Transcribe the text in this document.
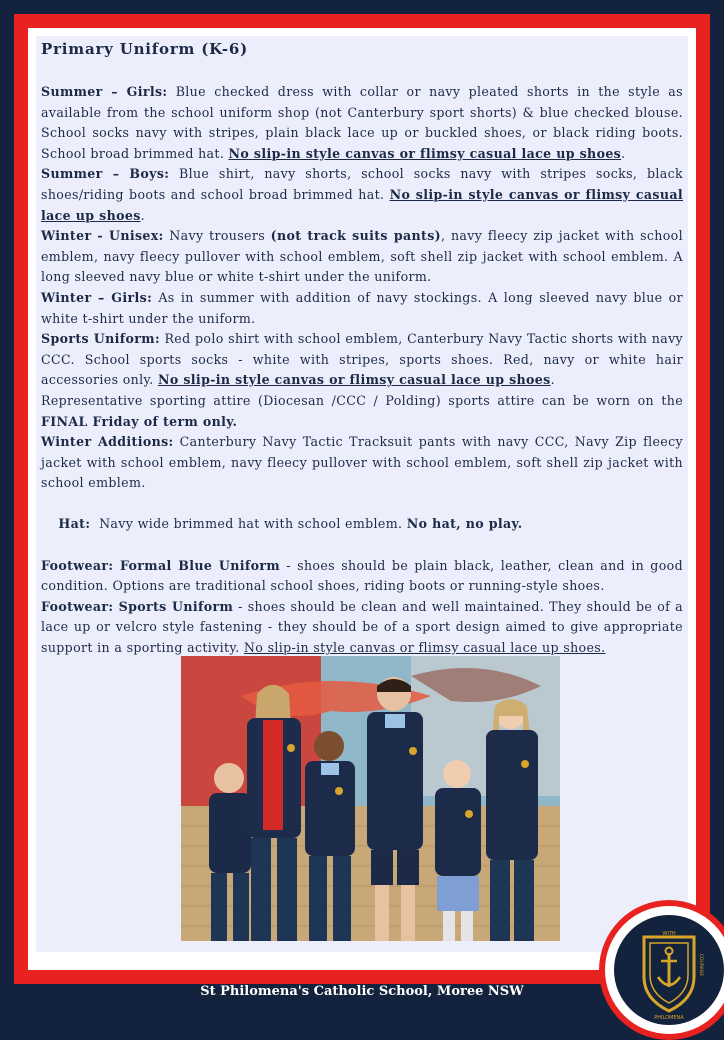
Primary Uniform (K-6)

Summer – Girls: Blue checked dress with collar or navy pleated shorts in the style as available from the school uniform shop (not Canterbury sport shorts) & blue checked blouse. School socks navy with stripes, plain black lace up or buckled shoes, or black riding boots. School broad brimmed hat. No slip-in style canvas or flimsy casual lace up shoes.

Summer – Boys: Blue shirt, navy shorts, school socks navy with stripes socks, black shoes/riding boots and school broad brimmed hat. No slip-in style canvas or flimsy casual lace up shoes.

Winter - Unisex: Navy trousers (not track suits pants), navy fleecy zip jacket with school emblem, navy fleecy pullover with school emblem, soft shell zip jacket with school emblem. A long sleeved navy blue or white t-shirt under the uniform.

Winter – Girls: As in summer with addition of navy stockings. A long sleeved navy blue or white t-shirt under the uniform.

Sports Uniform: Red polo shirt with school emblem, Canterbury Navy Tactic shorts with navy CCC. School sports socks - white with stripes, sports shoes. Red, navy or white hair accessories only. No slip-in style canvas or flimsy casual lace up shoes.

Representative sporting attire (Diocesan /CCC / Polding) sports attire can be worn on the FINAL Friday of term only.

Winter Additions: Canterbury Navy Tactic Tracksuit pants with navy CCC, Navy Zip fleecy jacket with school emblem, navy fleecy pullover with school emblem, soft shell zip jacket with school emblem.

Hat:  Navy wide brimmed hat with school emblem. No hat, no play.

Footwear: Formal Blue Uniform - shoes should be plain black, leather, clean and in good condition. Options are traditional school shoes, riding boots or running-style shoes.

Footwear: Sports Uniform - shoes should be clean and well maintained. They should be of a lace up or velcro style fastening - they should be of a sport design aimed to give appropriate support in a sporting activity. No slip-in style canvas or flimsy casual lace up shoes.

St Philomena's Catholic School, Moree NSW
WITH
COURAGE
PHILOMENA
